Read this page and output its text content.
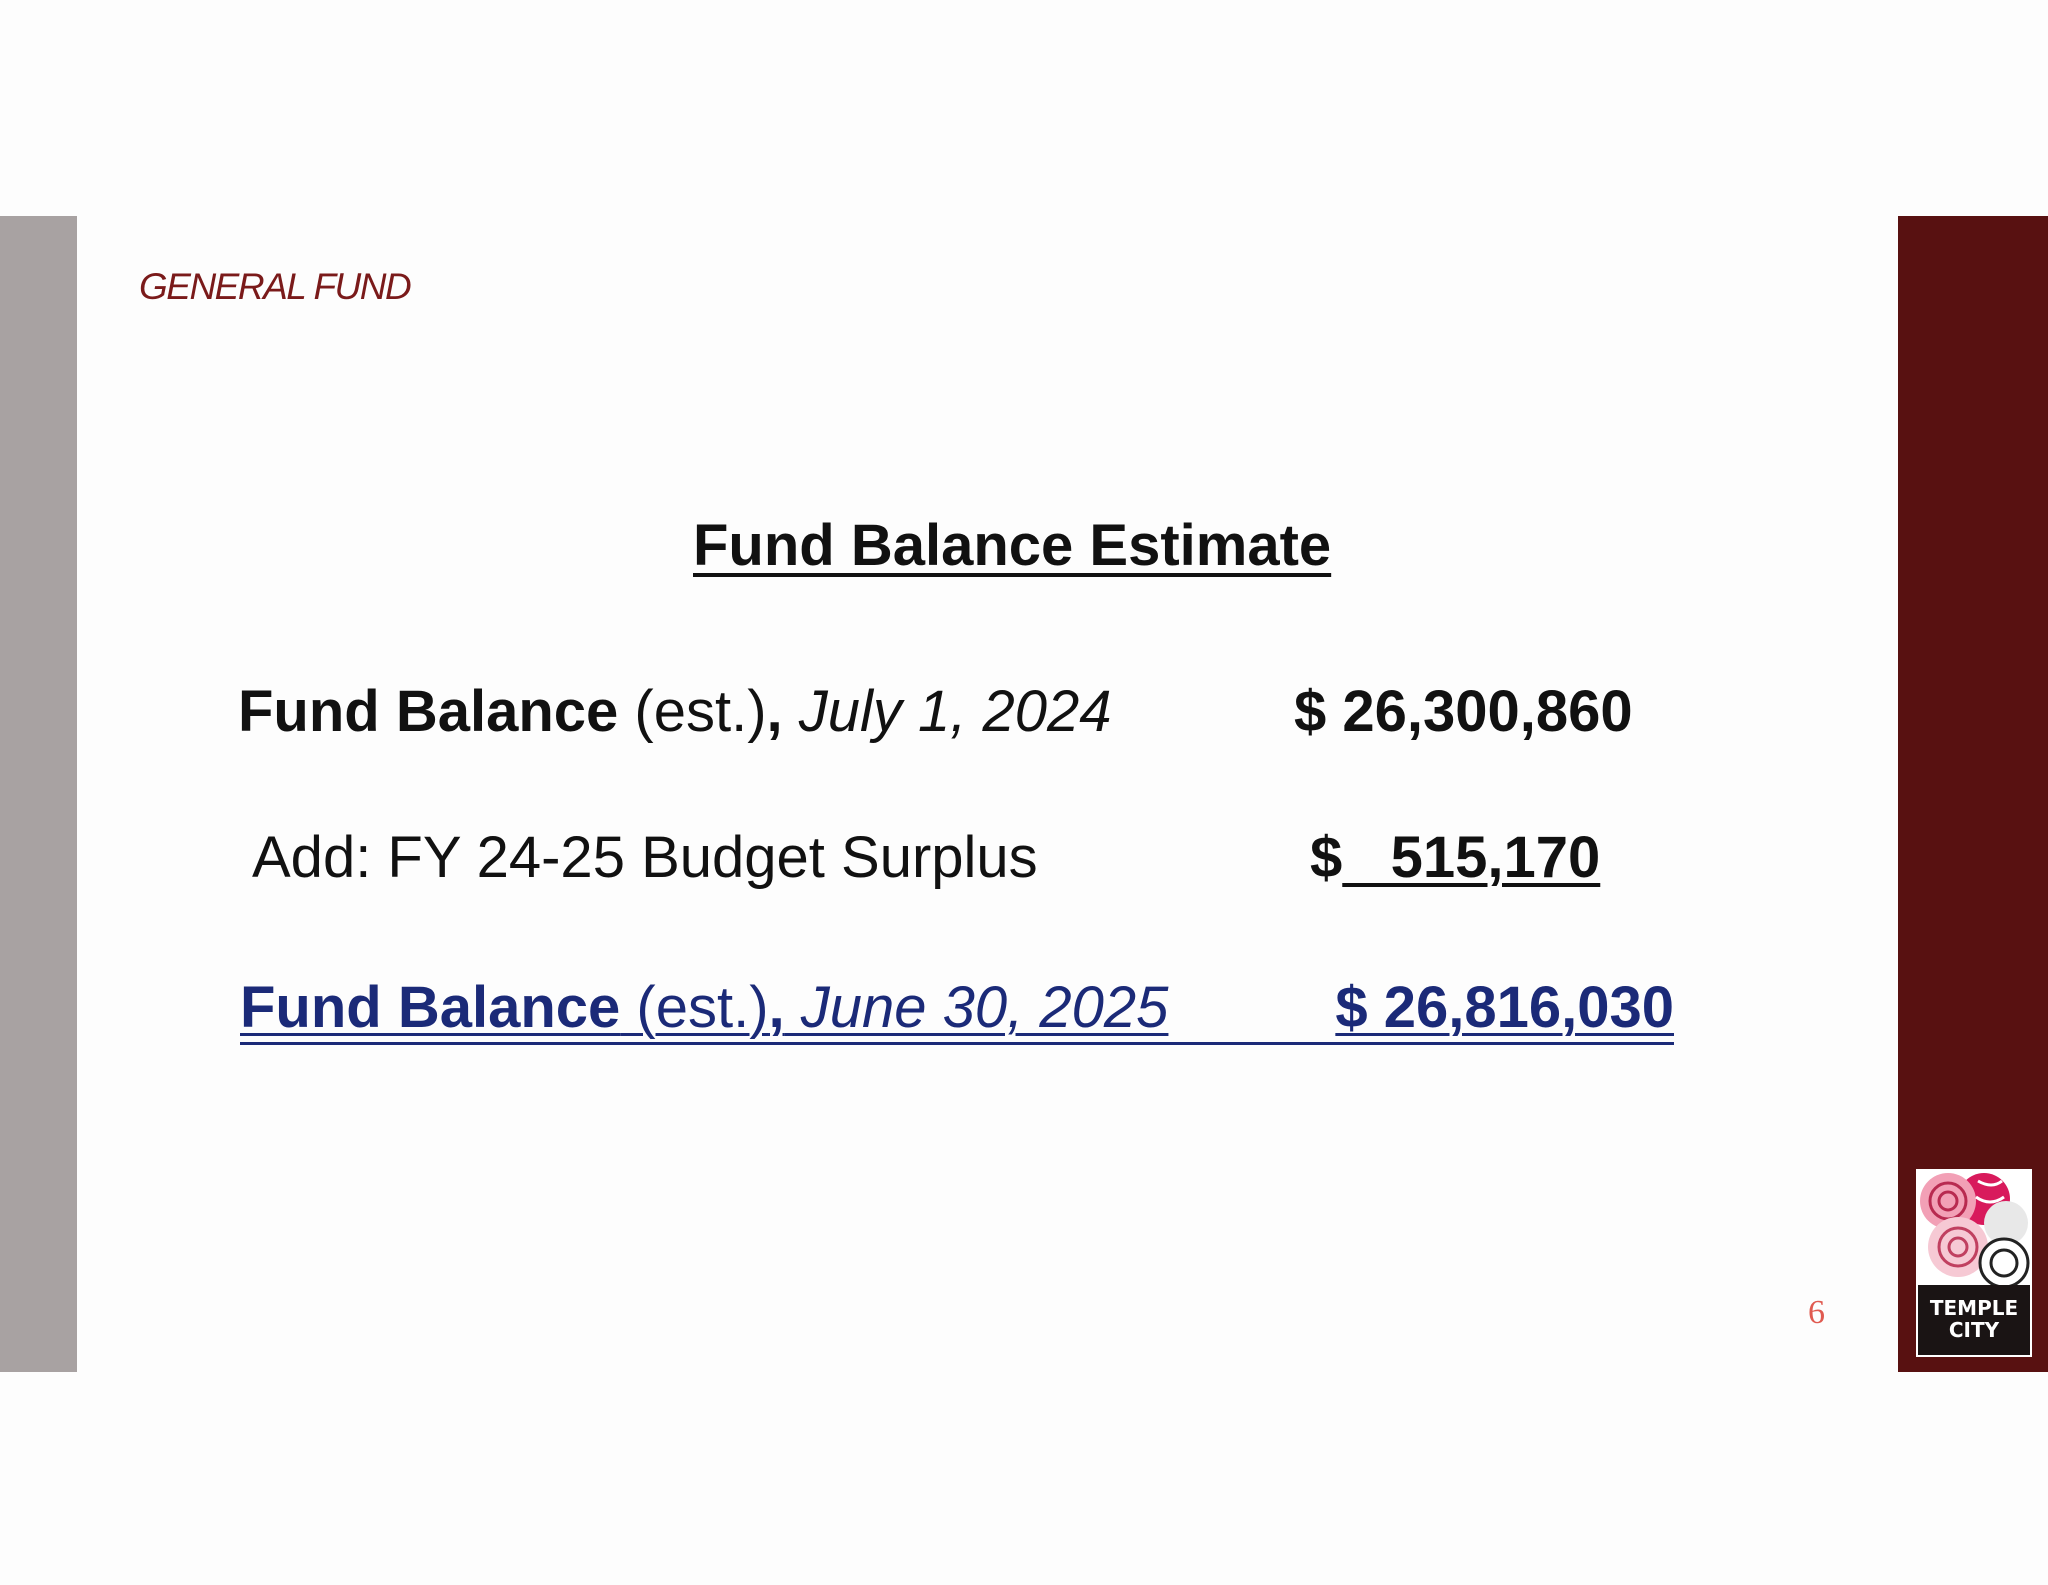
GENERAL FUND
Fund Balance Estimate
Fund Balance (est.), July 1, 2024	$ 26,300,860
Add: FY 24-25 Budget Surplus	$   515,170
Fund Balance (est.), June 30, 2025	$ 26,816,030
6	TEMPLE
CITY
